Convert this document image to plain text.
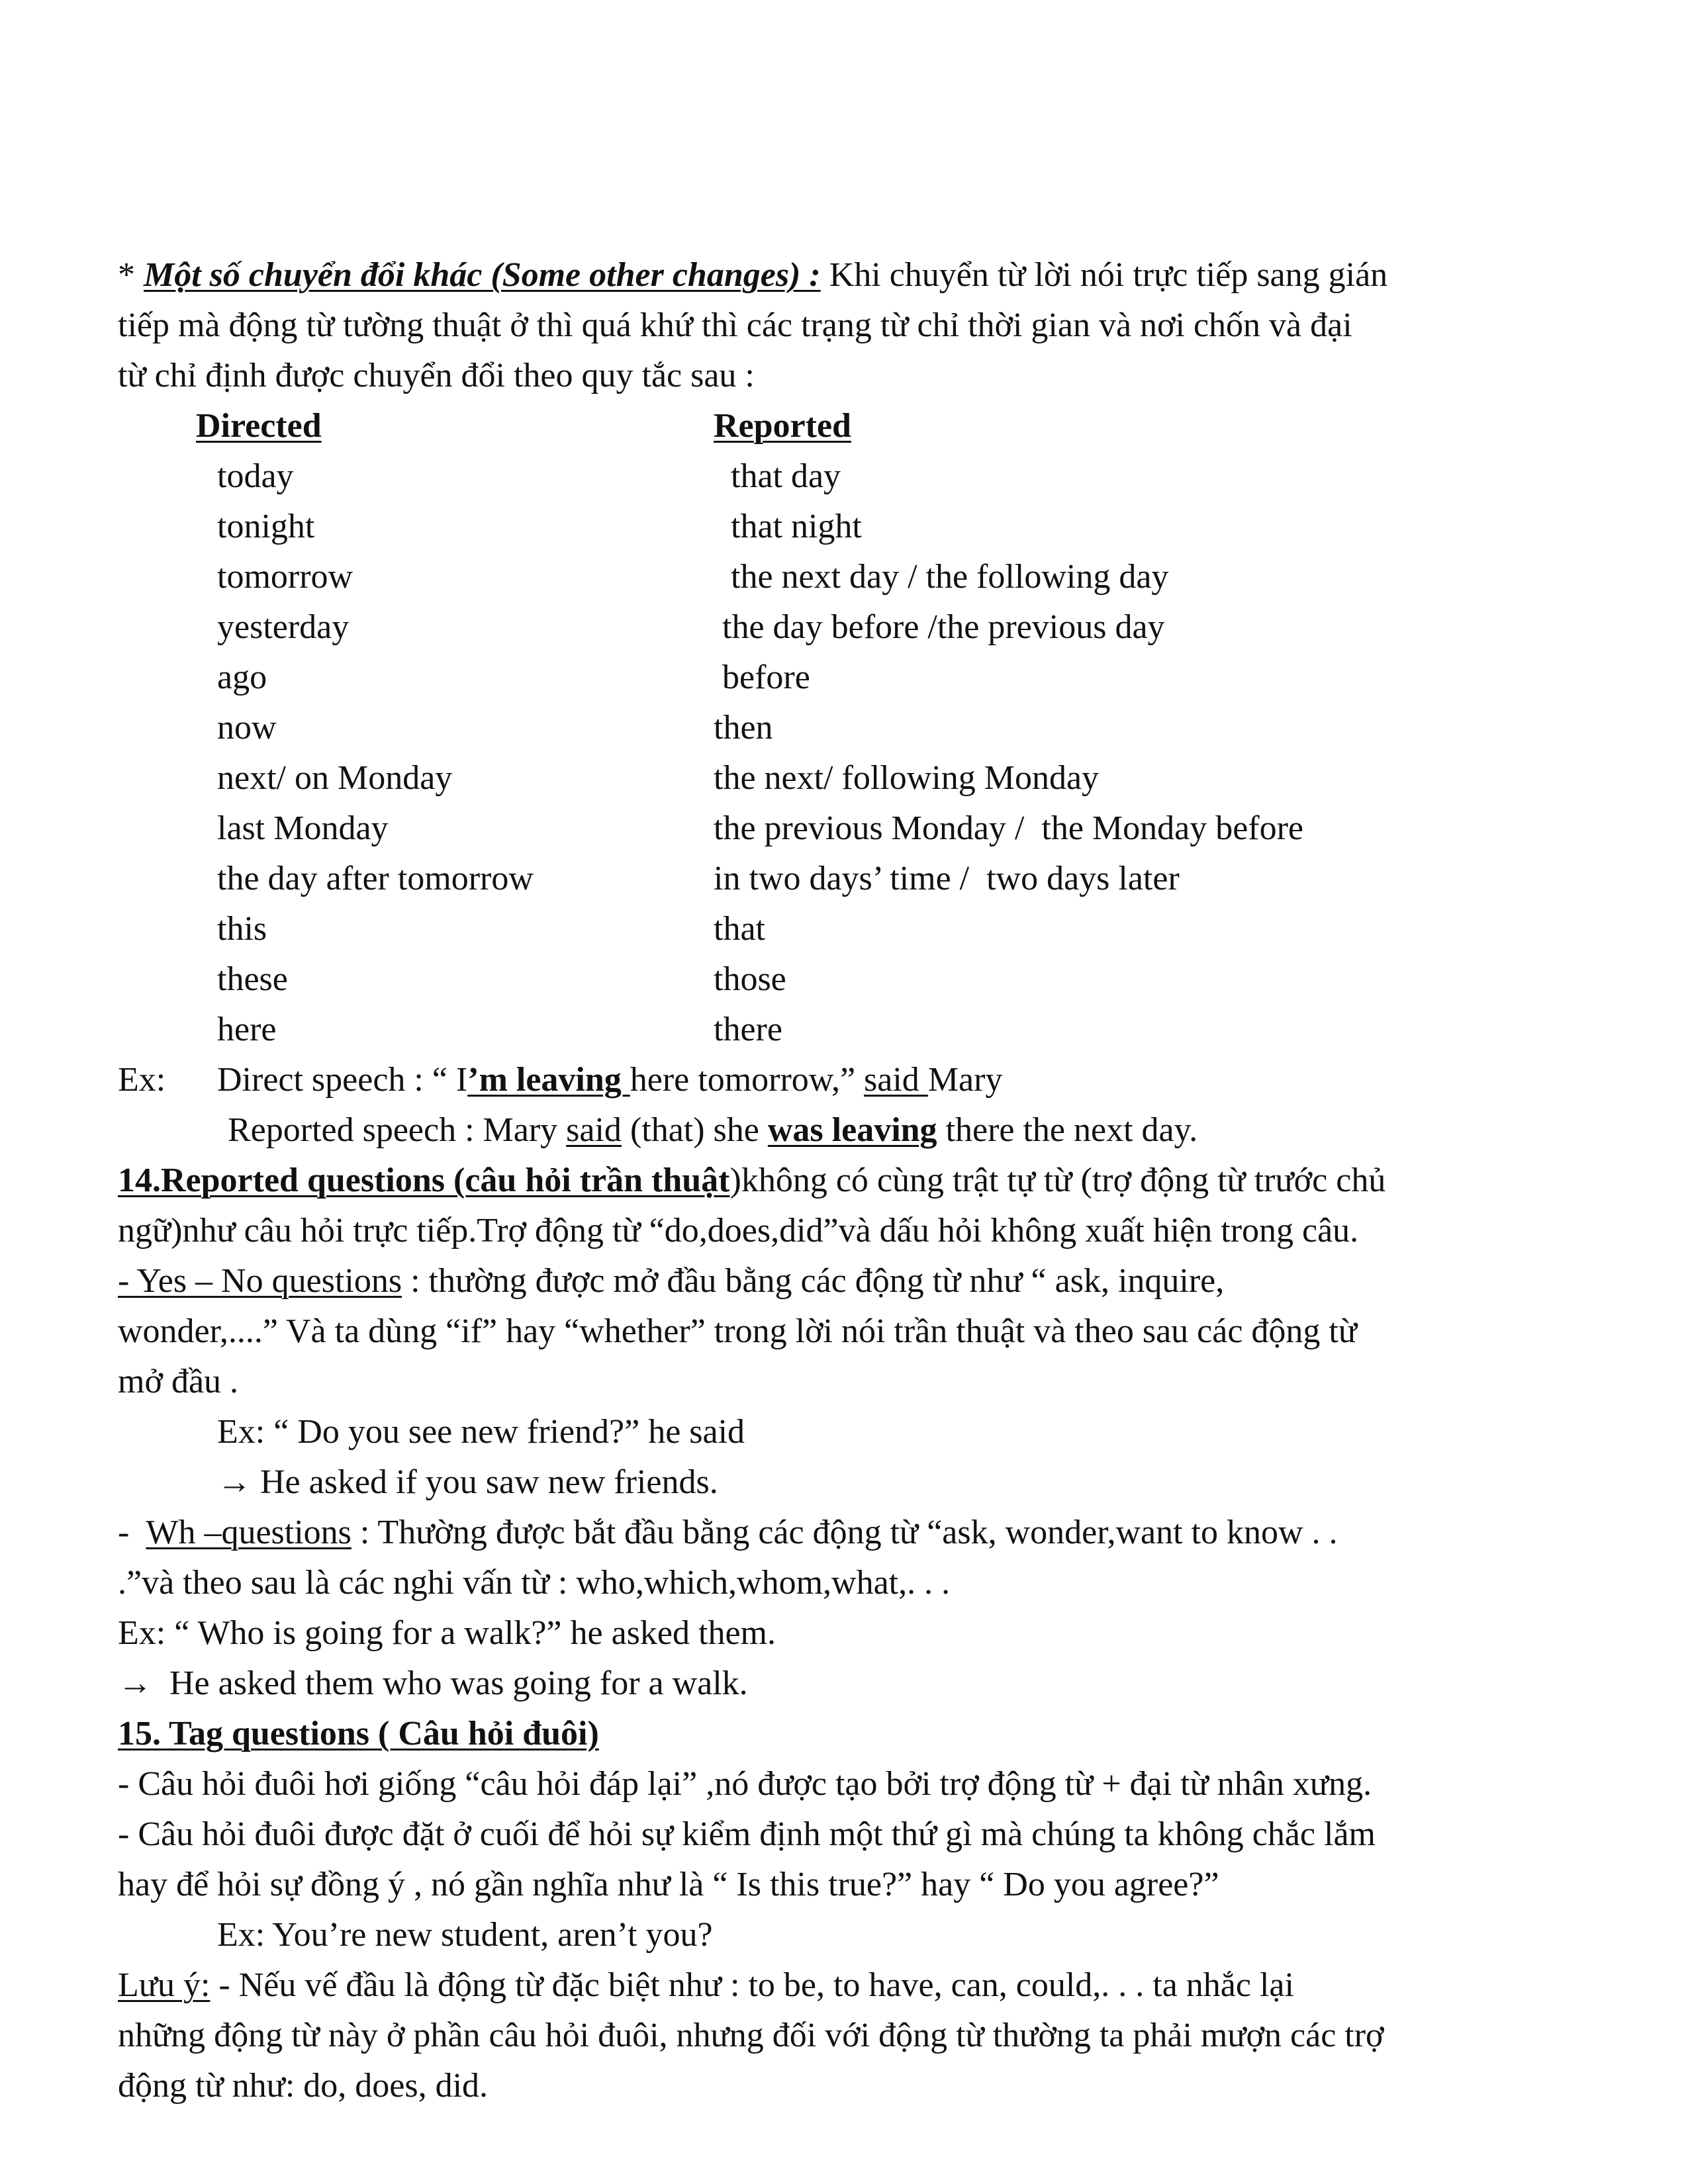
* Một số chuyển đổi khác (Some other changes) : Khi chuyển từ lời nói trực tiếp sang gián
tiếp mà động từ tường thuật ở thì quá khứ thì các trạng từ chỉ thời gian và nơi chốn và đại
từ chỉ định được chuyển đổi theo quy tắc sau :
Directed	Reported
today	that day
tonight	that night
tomorrow	the next day / the following day
yesterday	the day before /the previous day
ago	before
now	then
next/ on Monday	the next/ following Monday
last Monday	the previous Monday /  the Monday before
the day after tomorrow	in two days’ time /  two days later
this	that
these	those
here	there
Ex: Direct speech : “ I’m leaving here tomorrow,” said Mary
Reported speech : Mary said (that) she was leaving there the next day.
14.Reported questions (câu hỏi trần thuật)không có cùng trật tự từ (trợ động từ trước chủ
ngữ)như câu hỏi trực tiếp.Trợ động từ “do,does,did”và dấu hỏi không xuất hiện trong câu.
- Yes – No questions : thường được mở đầu bằng các động từ như “ ask, inquire,
wonder,....” Và ta dùng “if” hay “whether” trong lời nói trần thuật và theo sau các động từ
mở đầu .
Ex: “ Do you see new friend?” he said
→ He asked if you saw new friends.
-  Wh –questions : Thường được bắt đầu bằng các động từ “ask, wonder,want to know . .
.”và theo sau là các nghi vấn từ : who,which,whom,what,. . .
Ex: “ Who is going for a walk?” he asked them.
→  He asked them who was going for a walk.
15. Tag questions ( Câu hỏi đuôi)
- Câu hỏi đuôi hơi giống “câu hỏi đáp lại” ,nó được tạo bởi trợ động từ + đại từ nhân xưng.
- Câu hỏi đuôi được đặt ở cuối để hỏi sự kiểm định một thứ gì mà chúng ta không chắc lắm
hay để hỏi sự đồng ý , nó gần nghĩa như là “ Is this true?” hay “ Do you agree?”
Ex: You’re new student, aren’t you?
Lưu ý: - Nếu vế đầu là động từ đặc biệt như : to be, to have, can, could,. . . ta nhắc lại
những động từ này ở phần câu hỏi đuôi, nhưng đối với động từ thường ta phải mượn các trợ
động từ như: do, does, did.
